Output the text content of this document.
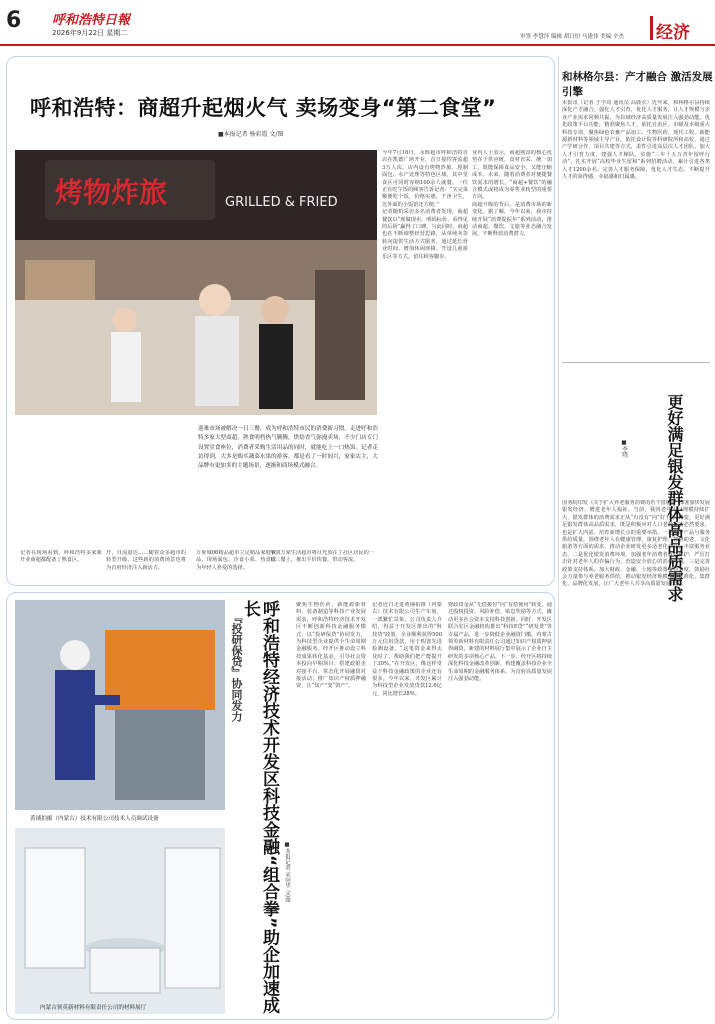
6 呼和浩特日報
2026年9月22日 星期二	审签 李慧萍 编辑 胡日恒 马建伟 美编 辛杰 经济
呼和浩特：商超升起烟火气 卖场变身“第二食堂”
■本报记者 杨彩霞 文/图
烤物炸旅	GRILLED & FRIED

迎难市场被解决一日三餐，成为呼和浩特市民的消费新习惯。走进呼和浩特多家大型商超，熟食明档热气腾腾，烘焙香气弥漫卖场，不少门店专门设置堂食座位，消费者采购生活用品的同时，就能吃上一口热饭。记者走访得到，大多是购买蔬菜水果的游客，都是看了一时间兴，家家店主，大品牌有更加多的主题场景，逐渐和商场模式融合。

今年7月16日，永辉超市呼和浩特首店在凯德广场开业，首日接待客流超3万人次。店内设有烤物炸旅、现制面包、水产处理等特色区域，其中堂食区可同时容纳100余人就餐。一位正在吃午饭的顾客告诉记者：“买完菜顺便吃个饭，价格实惠，干净卫生，比外面的小饭馆还方便。”

记者随机采访多名消费者发现，商超餐饮以“现做现卖、明码标价、看得见的后厨”赢得了口碑。与此同时，商超也在不断调整经营思路，从单纯卖货转向提供生活方式服务，通过延长营业时间、增加休闲座椅、开设儿童游乐区等方式，留住顾客脚步。

业内人士表示，商超熟食的核心优势在于供应链，食材直采、统一加工，既能保障食品安全，又能压缩成本。未来，随着消费者对便捷餐饮需求的增长，“商超+餐饮”的融合模式或将成为零售业转型的重要方向。

商超升级的背后，是消费市场的新变化。据了解，今年以来，我市持续开展“消费提振年”系列活动，推动商超、餐饮、文旅等业态融合发展，不断释放消费潜力。

记者在现场看到，呼和浩特多家新开业商超都配备了熟食区。
开，日流量达……随着众多超市的转型升级，这些新的消费场景也将为首府经济注入新活力。
万象城06精品超市立足精品家庭食品，现场面包、冷食小菜、热食成为年轻人喜爱的选择。
华润万家生活超市将目光放在了社区居民的一日三餐上，推出平价快餐，带动客流。
黄铺拍摄（内蒙古）技术有限公司技术人员调试设备
内蒙古领英新材料有限责任公司的材料展厅
『投研保贷』协同发力 呼和浩特经济技术开发区科技金融“组合拳”助企加速成长
■本报记者 宋向华 文/图
聚焦生物医药、新能源新材料、装备制造等科技产业发展需求，呼和浩特经济技术开发区不断创新科技金融服务模式，以“投研保贷”协同发力，为科技型企业提供全生命周期金融服务。经开区推动设立科技成果转化基金，引导社会资本投向早期项目；搭建政银企对接平台，常态化开展融资对接活动；推广知识产权质押融资，让“知产”变“资产”。
记者近日走进黄铺拍摄（内蒙古）技术有限公司生产车间，一派繁忙景象。公司负责人介绍，得益于开发区推出的“科技贷”政策，企业顺利获得500万元信用贷款，用于购置先进检测设备。“这笔资金来得太及时了，帮助我们把产能提升了30%。”在开发区，像这样受益于科技金融政策的企业还有很多。今年以来，开发区累计为科技型企业发放贷款12.6亿元，同比增长28%。
财政资金从“无偿拨付”向“有偿使用”转变，通过股权投资、风险补偿、贴息奖励等方式，撬动更多社会资本支持科技创新。同时，开发区联合驻区金融机构推出“科技E贷”“研发贷”等专属产品，进一步降低企业融资门槛。内蒙古领英新材料有限责任公司通过知识产权质押获得融资，新建的材料展厅集中展示了企业自主研发的多项核心产品。下一步，经开区将持续深化科技金融改革创新，构建覆盖科技企业全生命周期的金融服务体系，为首府高质量发展注入强劲动能。
和林格尔县：产才融合 激活发展引擎
本报讯（记者 于学周 通讯员 高鹿衣）近年来，和林格尔县持续深化产才融合，强化人才引育，优化人才服务，让人才规模与企业产业需求同频共振，为县域经济高质量发展注入强劲动能。优化政策平台功能，精准聚焦人才。依托自治区、市级及本级重大科技专项，聚焦绿色农畜产品加工、生物医药、现代工程、新能源新材料等领域主导产业，依托设计院等科研院所和高校，通过产学研合作、项目共建等方式，柔性引进高层次人才团队。加大人才引育力度，建强人才梯队。实施“三年十五万青年留呼行动”，扎实开展“高校毕业生留和”系列招聘活动，累计引进各类人才1200余名。完善人才服务保障，优化人才生态，不断提升人才的获得感、幸福感和归属感。
更好满足银发群体高品质需求
■李晓
国务院印发《关于扩大养老服务消费的若干措施》，部署加快发展银发经济、增进老年人福祉。当前，我国老年人口规模持续扩大，银发群体的消费需求正从“有没有”向“好不好”转变。更好满足银发群体高品质需求，既是积极应对人口老龄化的必然要求，也是扩大内需、培育新增长点的重要举措。一是提升产品与服务供给质量。围绕老年人在健康管理、康复护理、智慧助老、文化旅游等方面的需求，推动企业研发更多适老化产品，丰富服务业态。二是优化银发消费环境。加强老年消费者权益保护，严厉打击针对老年人的诈骗行为，营造安全放心的消费环境。三是完善政策支持体系。加大财政、金融、土地等政策支持力度，鼓励社会力量参与养老服务供给，推动银发经济规模化、标准化、集群化、品牌化发展，让广大老年人共享高质量发展成果。
